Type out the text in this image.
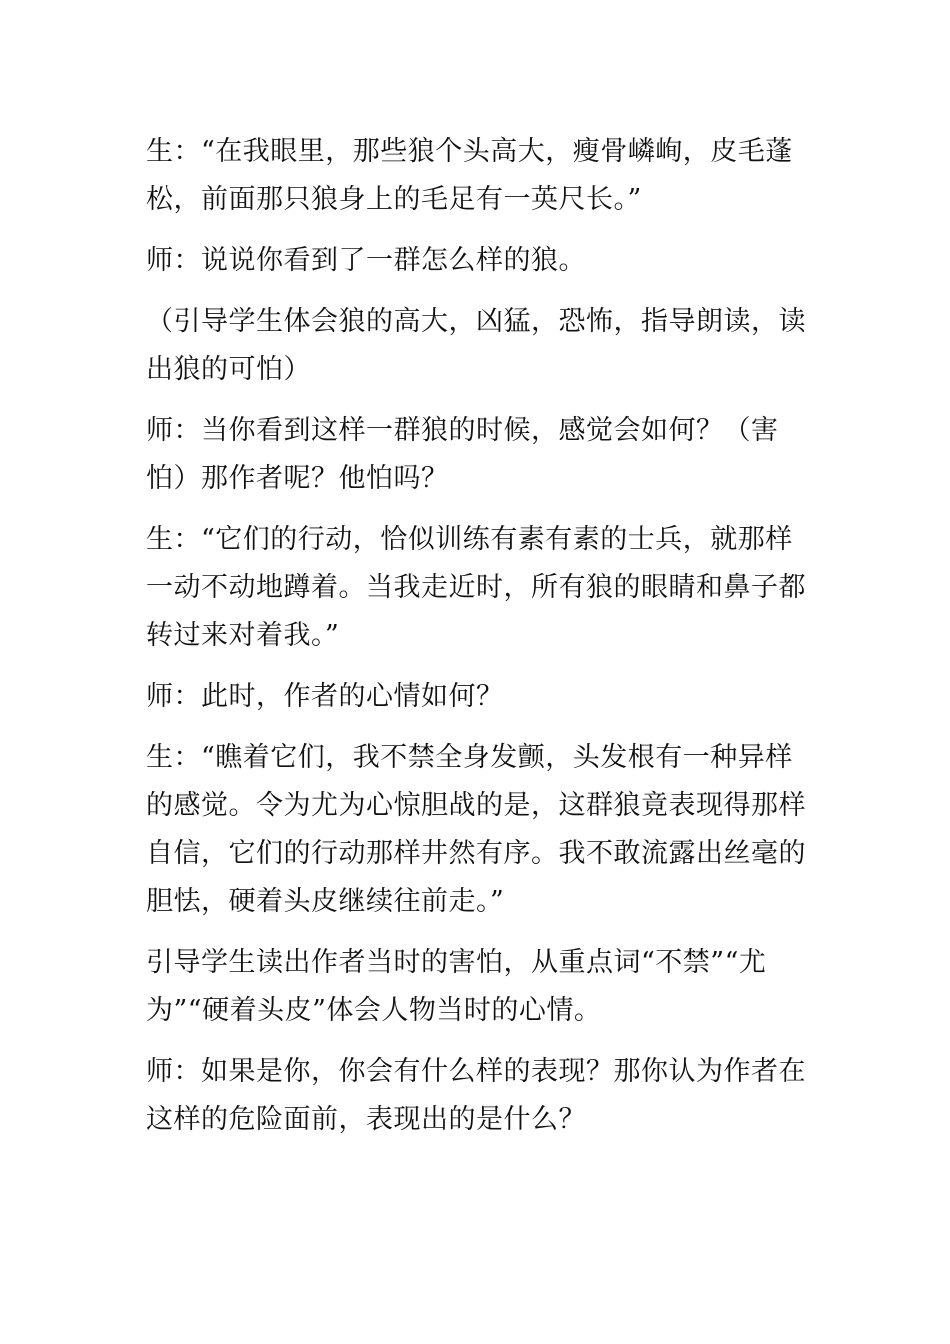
生：“在我眼里，那些狼个头高大，瘦骨嶙峋，皮毛蓬松，前面那只狼身上的毛足有一英尺长。”

师：说说你看到了一群怎么样的狼。

（引导学生体会狼的高大，凶猛，恐怖，指导朗读，读出狼的可怕）

师：当你看到这样一群狼的时候，感觉会如何？（害怕）那作者呢？他怕吗？

生：“它们的行动，恰似训练有素有素的士兵，就那样一动不动地蹲着。当我走近时，所有狼的眼睛和鼻子都转过来对着我。”

师：此时，作者的心情如何？

生：“瞧着它们，我不禁全身发颤，头发根有一种异样的感觉。令为尤为心惊胆战的是，这群狼竟表现得那样自信，它们的行动那样井然有序。我不敢流露出丝毫的胆怯，硬着头皮继续往前走。”

引导学生读出作者当时的害怕，从重点词“不禁”“尤为”“硬着头皮”体会人物当时的心情。

师：如果是你，你会有什么样的表现？那你认为作者在这样的危险面前，表现出的是什么？
